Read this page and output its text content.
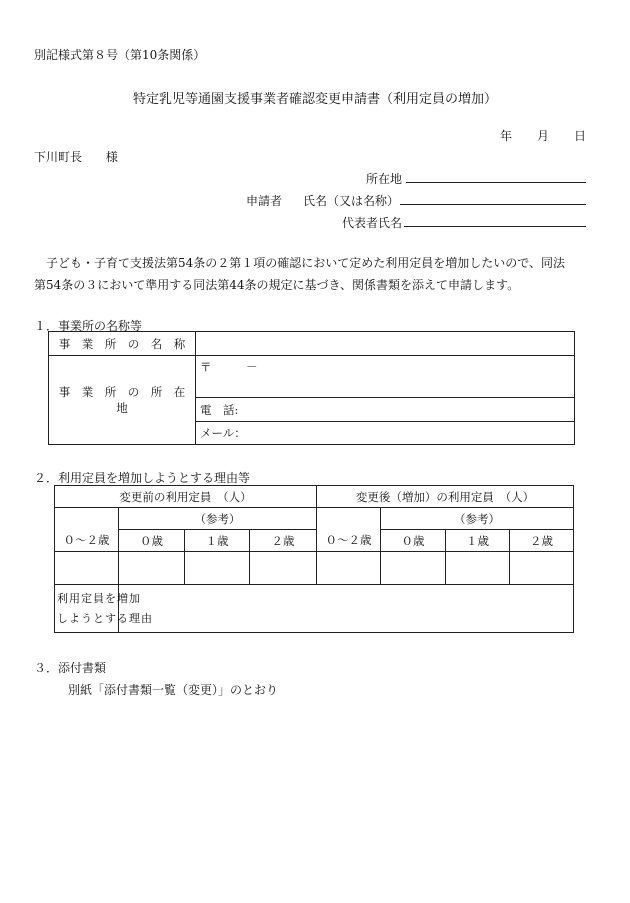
別記様式第８号（第10条関係）
特定乳児等通園支援事業者確認変更申請書（利用定員の増加）
年 月 日
下川町長 様
所在地
申請者 氏名（又は名称）
代表者氏名
子ども・子育て支援法第54条の２第１項の確認において定めた利用定員を増加したいので、同法
第54条の３において準用する同法第44条の規定に基づき、関係書類を添えて申請します。
１．事業所の名称等
事　業　所　の　名　称	
事　業　所　の　所　在　地	〒　　　－
	電　話:
	メール：
２．利用定員を増加しようとする理由等
変更前の利用定員　（人）				変更後（増加）の利用定員　（人）			
	（参考）				（参考）		
０～２歳	０歳	１歳	２歳	０～２歳	０歳	１歳	２歳

利用定員を増加
しようとする理由							

３．添付書類
別紙「添付書類一覧（変更）」のとおり
